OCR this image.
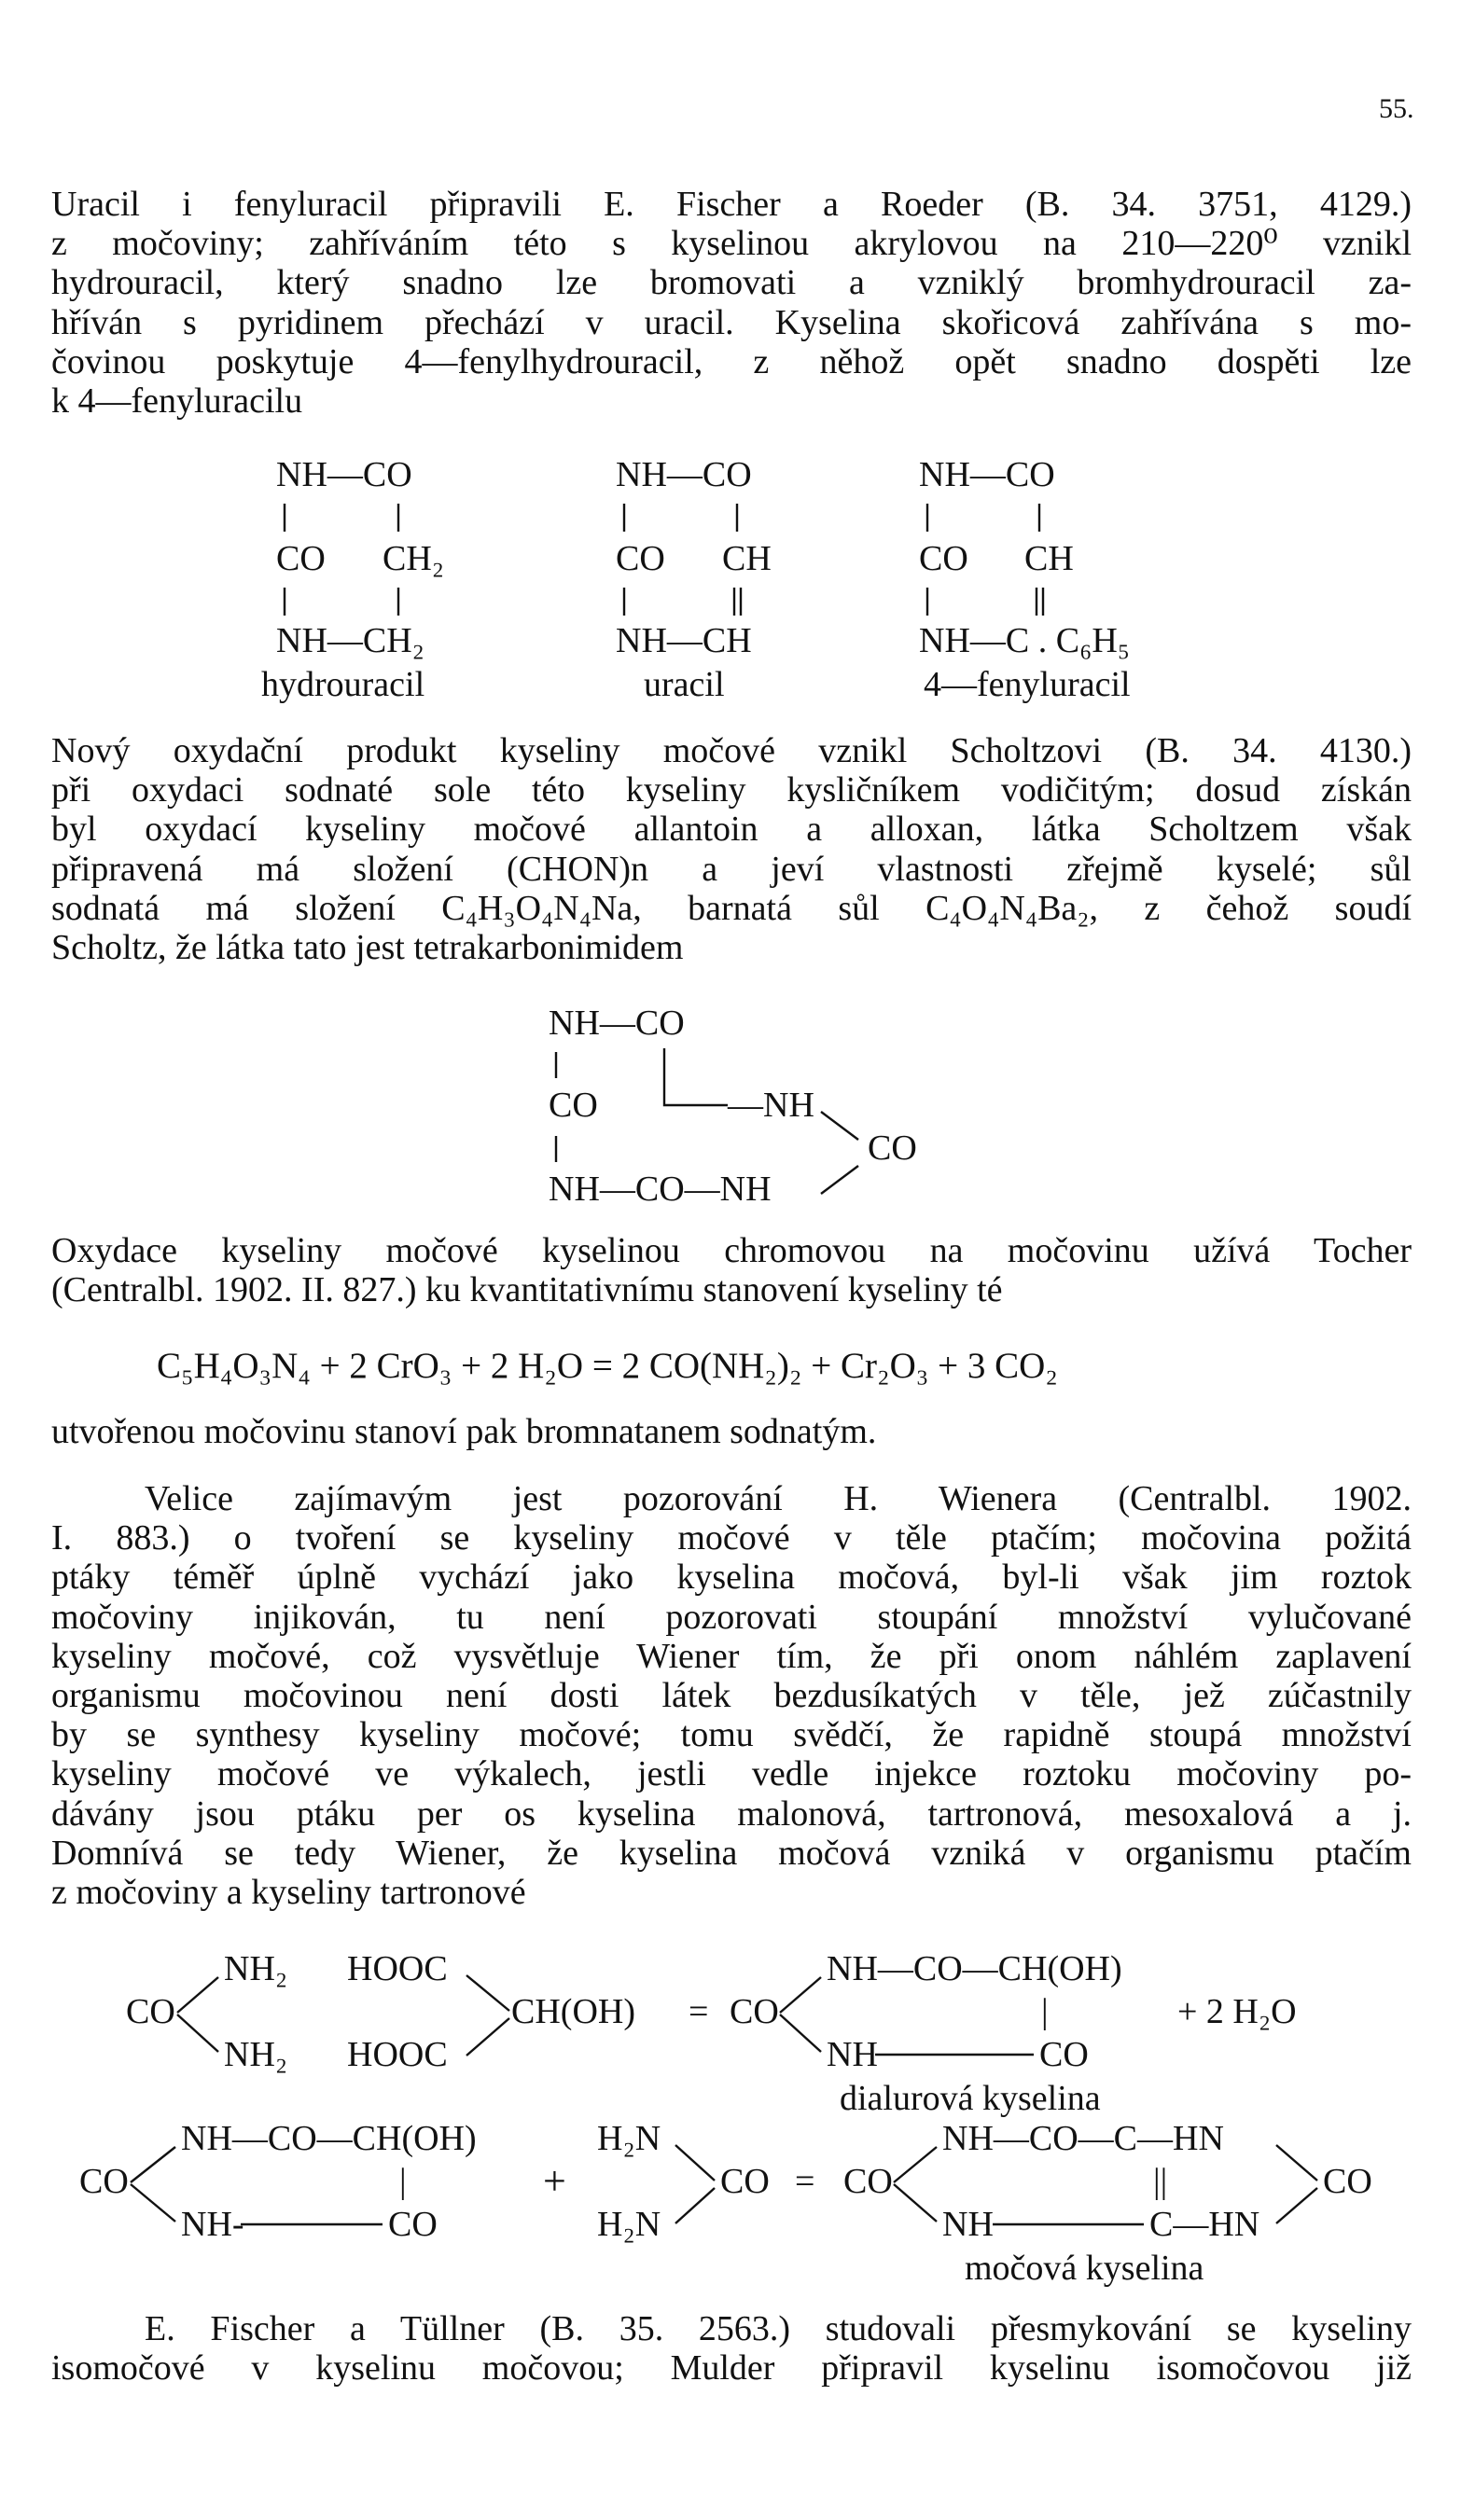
55.
Uracil i fenyluracil připravili E. Fischer a Roeder (B. 34. 3751, 4129.)
z močoviny; zahříváním této s kyselinou akrylovou na 210—220⁰ vznikl
hydrouracil, který snadno lze bromovati a vzniklý bromhydrouracil za-
hříván s pyridinem přechází v uracil. Kyselina skořicová zahřívána s mo-
čovinou poskytuje 4—fenylhydrouracil, z něhož opět snadno dospěti lze
k 4—fenyluracilu
NH—CO
CO CH₂
NH—CH₂
hydrouracil
NH—CO
CO CH
NH—CH
uracil
NH—CO
CO CH
NH—C . C₆H₅
4—fenyluracil
Nový oxydační produkt kyseliny močové vznikl Scholtzovi (B. 34. 4130.)
při oxydaci sodnaté sole této kyseliny kysličníkem vodičitým; dosud získán
byl oxydací kyseliny močové allantoin a alloxan, látka Scholtzem však
připravená má složení (CHON)n a jeví vlastnosti zřejmě kyselé; sůl
sodnatá má složení C₄H₃O₄N₄Na, barnatá sůl C₄O₄N₄Ba₂, z čehož soudí
Scholtz, že látka tato jest tetrakarbonimidem
NH—CO
CO	—NH
CO
NH—CO—NH
Oxydace kyseliny močové kyselinou chromovou na močovinu užívá Tocher
(Centralbl. 1902. II. 827.) ku kvantitativnímu stanovení kyseliny té
C₅H₄O₃N₄ + 2 CrO₃ + 2 H₂O = 2 CO(NH₂)₂ + Cr₂O₃ + 3 CO₂
utvořenou močovinu stanoví pak bromnatanem sodnatým.
Velice zajímavým jest pozorování H. Wienera (Centralbl. 1902.
I. 883.) o tvoření se kyseliny močové v těle ptačím; močovina požitá
ptáky téměř úplně vychází jako kyselina močová, byl-li však jim roztok
močoviny injikován, tu není pozorovati stoupání množství vylučované
kyseliny močové, což vysvětluje Wiener tím, že při onom náhlém zaplavení
organismu močovinou není dosti látek bezdusíkatých v těle, jež zúčastnily
by se synthesy kyseliny močové; tomu svědčí, že rapidně stoupá množství
kyseliny močové ve výkalech, jestli vedle injekce roztoku močoviny po-
dávány jsou ptáku per os kyselina malonová, tartronová, mesoxalová a j.
Domnívá se tedy Wiener, že kyselina močová vzniká v organismu ptačím
z močoviny a kyseliny tartronové
CO
NH₂
NH₂
HOOC
HOOC
CH(OH) = CO
NH—CO—CH(OH)
|
NH	CO
+ 2 H₂O
dialurová kyselina
CO
NH—CO—CH(OH)
|
NH-	CO
+
H₂N
H₂N
CO = CO
NH—CO—C—HN
||
NH	C—HN
CO
močová kyselina
E. Fischer a Tüllner (B. 35. 2563.) studovali přesmykování se kyseliny
isomočové v kyselinu močovou; Mulder připravil kyselinu isomočovou již
